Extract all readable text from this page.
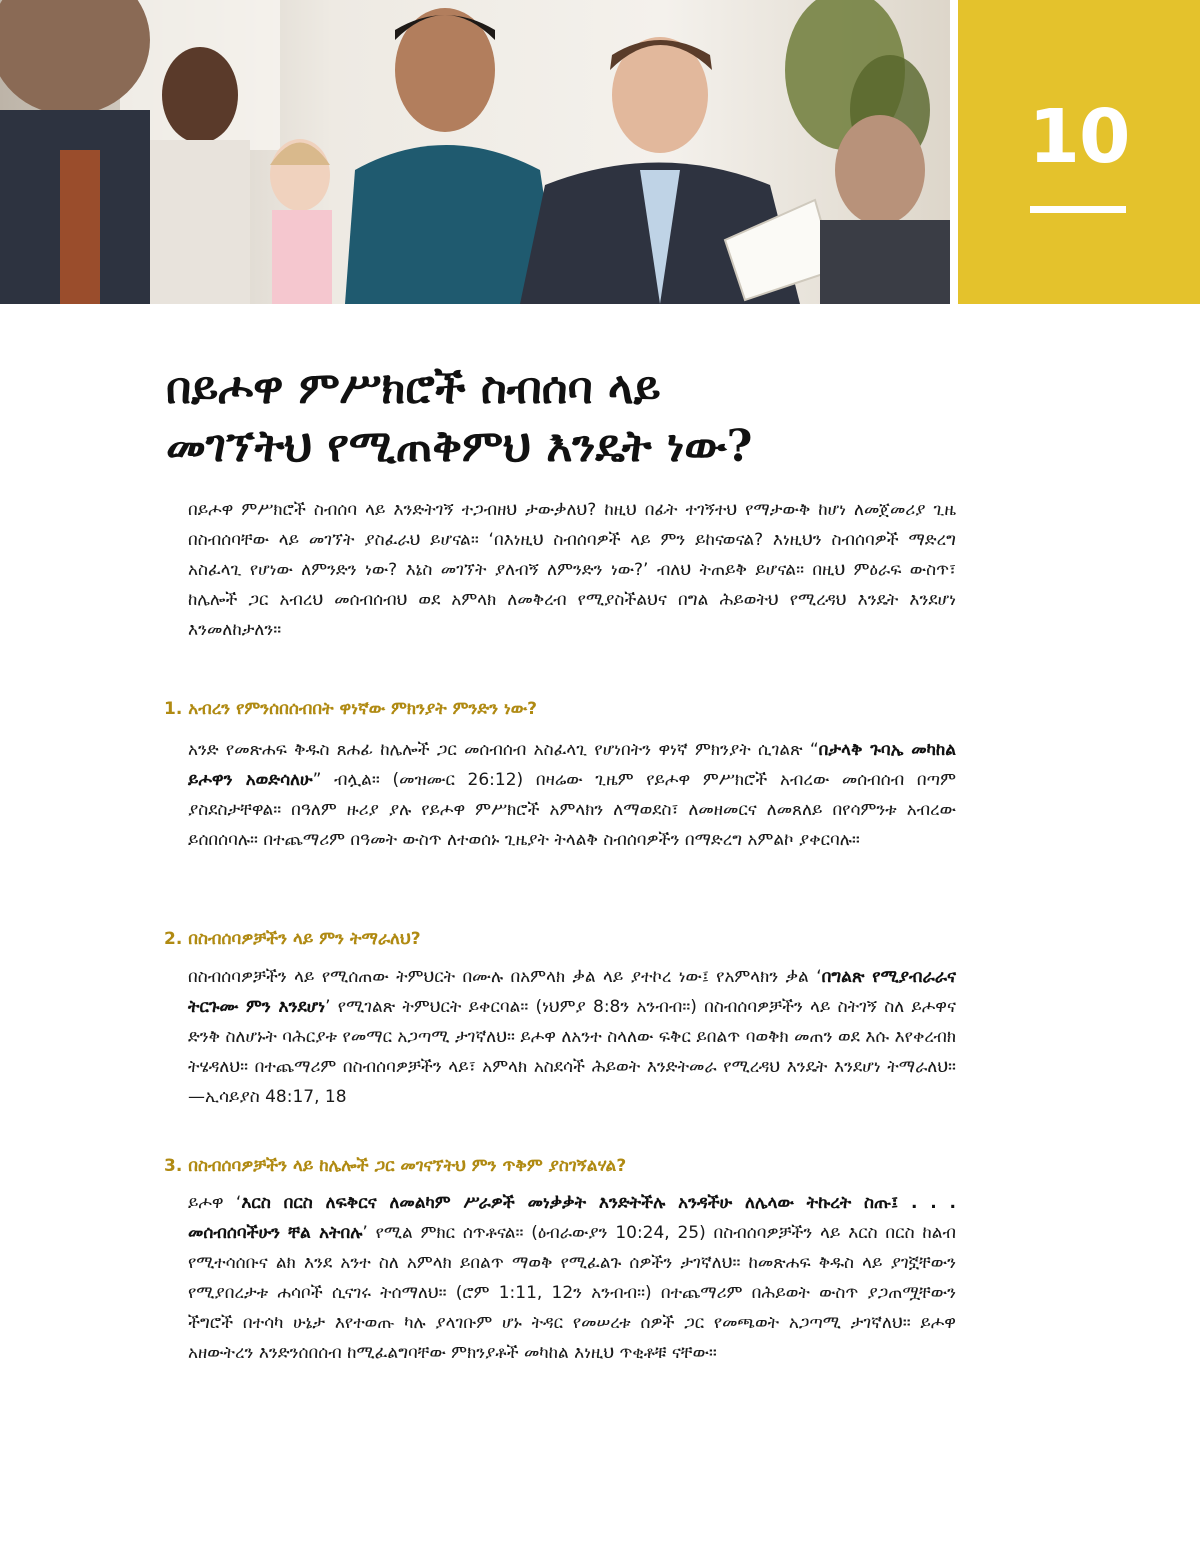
10
በይሖዋ ምሥክሮች ስብሰባ ላይ
መገኘትህ የሚጠቅምህ እንዴት ነው?

በይሖዋ ምሥክሮች ስብሰባ ላይ እንድትገኝ ተጋብዘህ ታውቃለህ? ከዚህ በፊት ተገኝተህ የማታውቅ ከሆነ ለመጀመሪያ ጊዜ በስብሰባቸው ላይ መገኘት ያስፈራህ ይሆናል። ‘በእነዚህ ስብሰባዎች ላይ ምን ይከናወናል? እነዚህን ስብሰባዎች ማድረግ አስፈላጊ የሆነው ለምንድን ነው? እኔስ መገኘት ያለብኝ ለምንድን ነው?’ ብለህ ትጠይቅ ይሆናል። በዚህ ምዕራፍ ውስጥ፣ ከሌሎች ጋር አብረህ መሰብሰብህ ወደ አምላክ ለመቅረብ የሚያስችልህና በግል ሕይወትህ የሚረዳህ እንዴት እንደሆነ እንመለከታለን።

1. አብረን የምንሰበሰብበት ዋነኛው ምክንያት ምንድን ነው?

አንድ የመጽሐፍ ቅዱስ ጸሐፊ ከሌሎች ጋር መሰብሰብ አስፈላጊ የሆነበትን ዋነኛ ምክንያት ሲገልጽ “በታላቅ ጉባኤ መካከል ይሖዋን አወድሳለሁ” ብሏል። (መዝሙር 26:12) በዛሬው ጊዜም የይሖዋ ምሥክሮች አብረው መሰብሰብ በጣም ያስደስታቸዋል። በዓለም ዙሪያ ያሉ የይሖዋ ምሥክሮች አምላክን ለማወደስ፣ ለመዘመርና ለመጸለይ በየሳምንቱ አብረው ይሰበሰባሉ። በተጨማሪም በዓመት ውስጥ ለተወሰኑ ጊዜያት ትላልቅ ስብሰባዎችን በማድረግ አምልኮ ያቀርባሉ።

2. በስብሰባዎቻችን ላይ ምን ትማራለህ?

በስብሰባዎቻችን ላይ የሚሰጠው ትምህርት በሙሉ በአምላክ ቃል ላይ ያተኮረ ነው፤ የአምላክን ቃል ‘በግልጽ የሚያብራራና ትርጉሙ ምን እንደሆነ’ የሚገልጽ ትምህርት ይቀርባል። (ነህምያ 8:8ን አንብብ።) በስብሰባዎቻችን ላይ ስትገኝ ስለ ይሖዋና ድንቅ ስለሆኑት ባሕርያቱ የመማር አጋጣሚ ታገኛለህ። ይሖዋ ለአንተ ስላለው ፍቅር ይበልጥ ባወቅክ መጠን ወደ እሱ እየቀረብክ ትሄዳለህ። በተጨማሪም በስብሰባዎቻችን ላይ፣ አምላክ አስደሳች ሕይወት እንድትመራ የሚረዳህ እንዴት እንደሆነ ትማራለህ።—ኢሳይያስ 48:17, 18

3. በስብሰባዎቻችን ላይ ከሌሎች ጋር መገናኘትህ ምን ጥቅም ያስገኝልሃል?

ይሖዋ ‘እርስ በርስ ለፍቅርና ለመልካም ሥራዎች መነቃቃት እንድትችሉ አንዳችሁ ለሌላው ትኩረት ስጡ፤ . . . መሰብሰባችሁን ቸል አትበሉ’ የሚል ምክር ሰጥቶናል። (ዕብራውያን 10:24, 25) በስብሰባዎቻችን ላይ እርስ በርስ ከልብ የሚተሳሰቡና ልክ እንደ አንተ ስለ አምላክ ይበልጥ ማወቅ የሚፈልጉ ሰዎችን ታገኛለህ። ከመጽሐፍ ቅዱስ ላይ ያገኟቸውን የሚያበረታቱ ሐሳቦች ሲናገሩ ትሰማለህ። (ሮም 1:11, 12ን አንብብ።) በተጨማሪም በሕይወት ውስጥ ያጋጠሟቸውን ችግሮች በተሳካ ሁኔታ እየተወጡ ካሉ ያላገቡም ሆኑ ትዳር የመሠረቱ ሰዎች ጋር የመጫወት አጋጣሚ ታገኛለህ። ይሖዋ አዘውትረን እንድንሰበሰብ ከሚፈልግባቸው ምክንያቶች መካከል እነዚህ ጥቂቶቹ ናቸው።
